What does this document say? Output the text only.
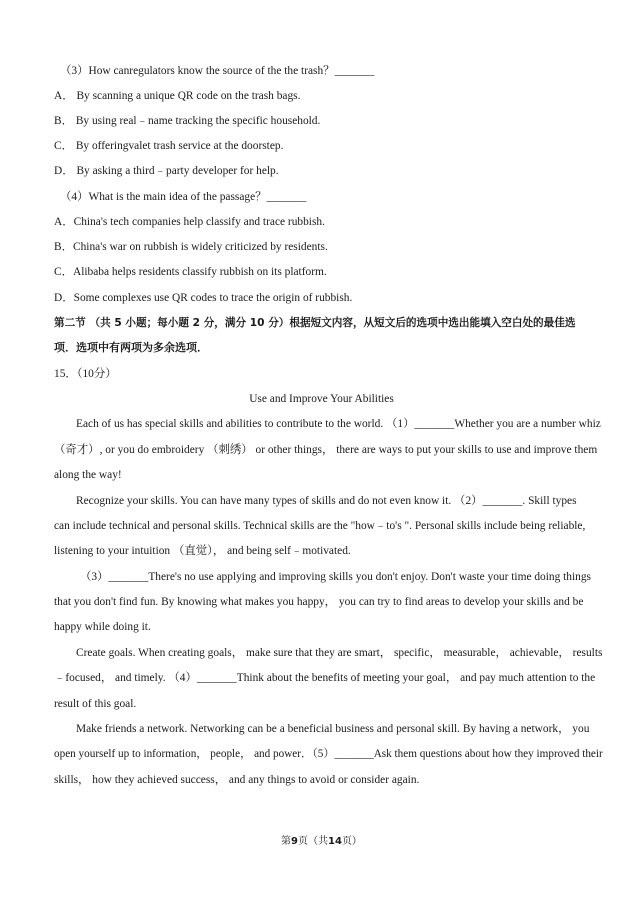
（3）How canregulators know the source of the the trash？_______
A． By scanning a unique QR code on the trash bags.
B． By using real﹣name tracking the specific household.
C． By offeringvalet trash service at the doorstep.
D． By asking a third﹣party developer for help.
（4）What is the main idea of the passage？_______
A．China's tech companies help classify and trace rubbish.
B．China's war on rubbish is widely criticized by residents.
C．Alibaba helps residents classify rubbish on its platform.
D．Some complexes use QR codes to trace the origin of rubbish.
第二节 （共 5 小题；每小题 2 分，满分 10 分）根据短文内容，从短文后的选项中选出能填入空白处的最佳选
项．选项中有两项为多余选项．
15．（10分）
Use and Improve Your Abilities
Each of us has special skills and abilities to contribute to the world. （1）_______Whether you are a number whiz
（奇才）, or you do embroidery （刺绣） or other things， there are ways to put your skills to use and improve them
along the way!
Recognize your skills. You can have many types of skills and do not even know it. （2）_______. Skill types
can include technical and personal skills. Technical skills are the "how﹣to's ". Personal skills include being reliable,
listening to your intuition （直觉）， and being self﹣motivated.
（3）_______There's no use applying and improving skills you don't enjoy. Don't waste your time doing things
that you don't find fun. By knowing what makes you happy， you can try to find areas to develop your skills and be
happy while doing it.
Create goals. When creating goals， make sure that they are smart， specific， measurable， achievable， results
﹣focused， and timely. （4）_______Think about the benefits of meeting your goal， and pay much attention to the
result of this goal.
Make friends a network. Networking can be a beneficial business and personal skill. By having a network， you
open yourself up to information， people， and power．（5）_______Ask them questions about how they improved their
skills， how they achieved success， and any things to avoid or consider again.
第9页（共14页）
